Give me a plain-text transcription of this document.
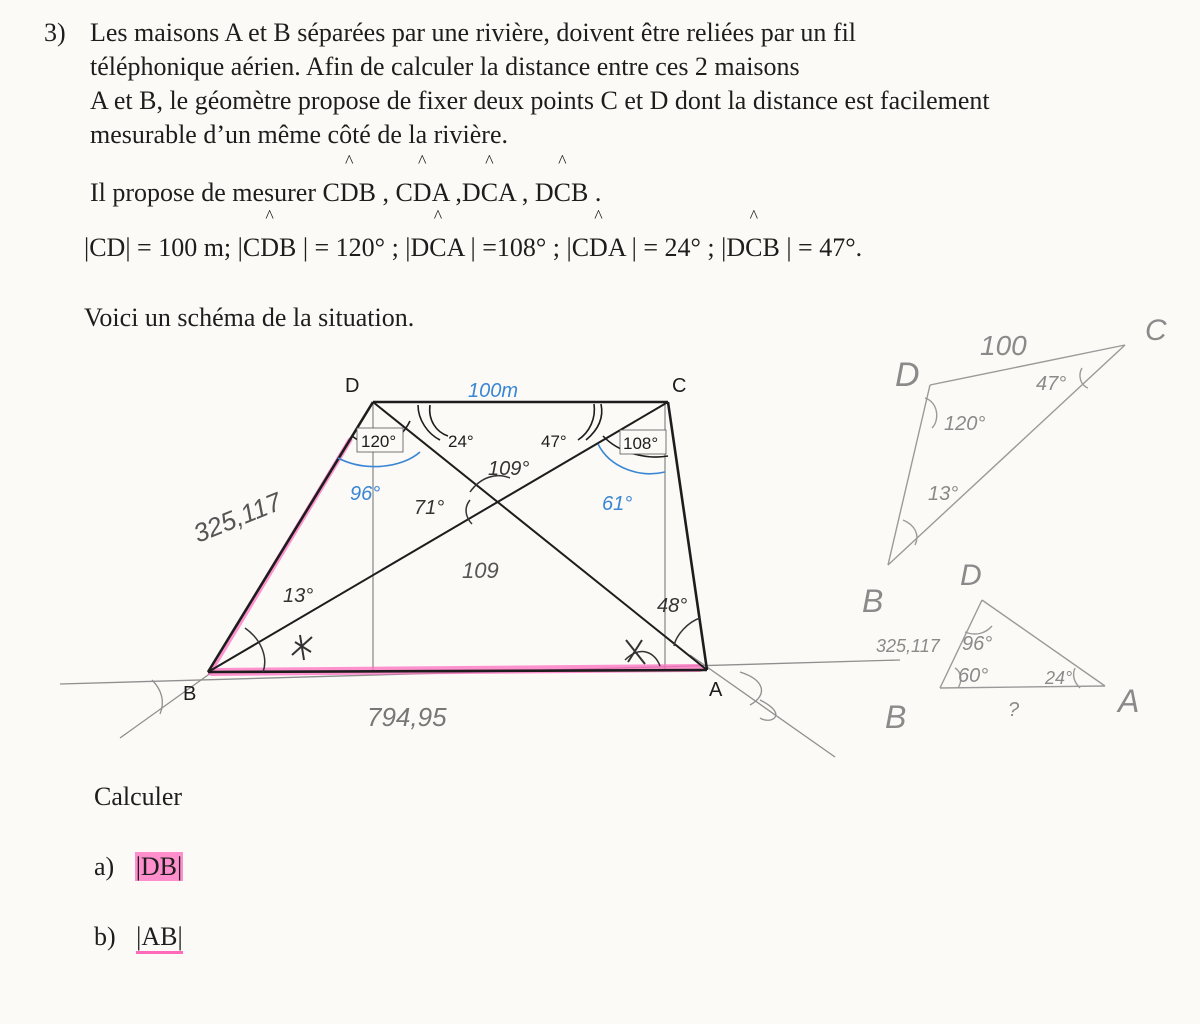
3) Les maisons A et B séparées par une rivière, doivent être reliées par un fil
téléphonique aérien. Afin de calculer la distance entre ces 2 maisons
A et B, le géomètre propose de fixer deux points C et D dont la distance est facilement
mesurable d’un même côté de la rivière.
Il propose de mesurer C^ DB , C^ DA ,D^ CA , D^ CB .
|CD| = 100 m; |C^ DB | = 120° ; |D^ CA | =108° ; |C^ DA | = 24° ; |D^ CB | = 47°.
Voici un schéma de la situation.
120°	24°	47°	108°
D	C
B	A
100m
325,117	96°	61°
109°
71°
109
13°	48°
794,95
D
C
B
100
47°
120°
13°
D
325,117 96°
60°	24°
B	?	A
Calculer
a) |DB|
b) |AB|
